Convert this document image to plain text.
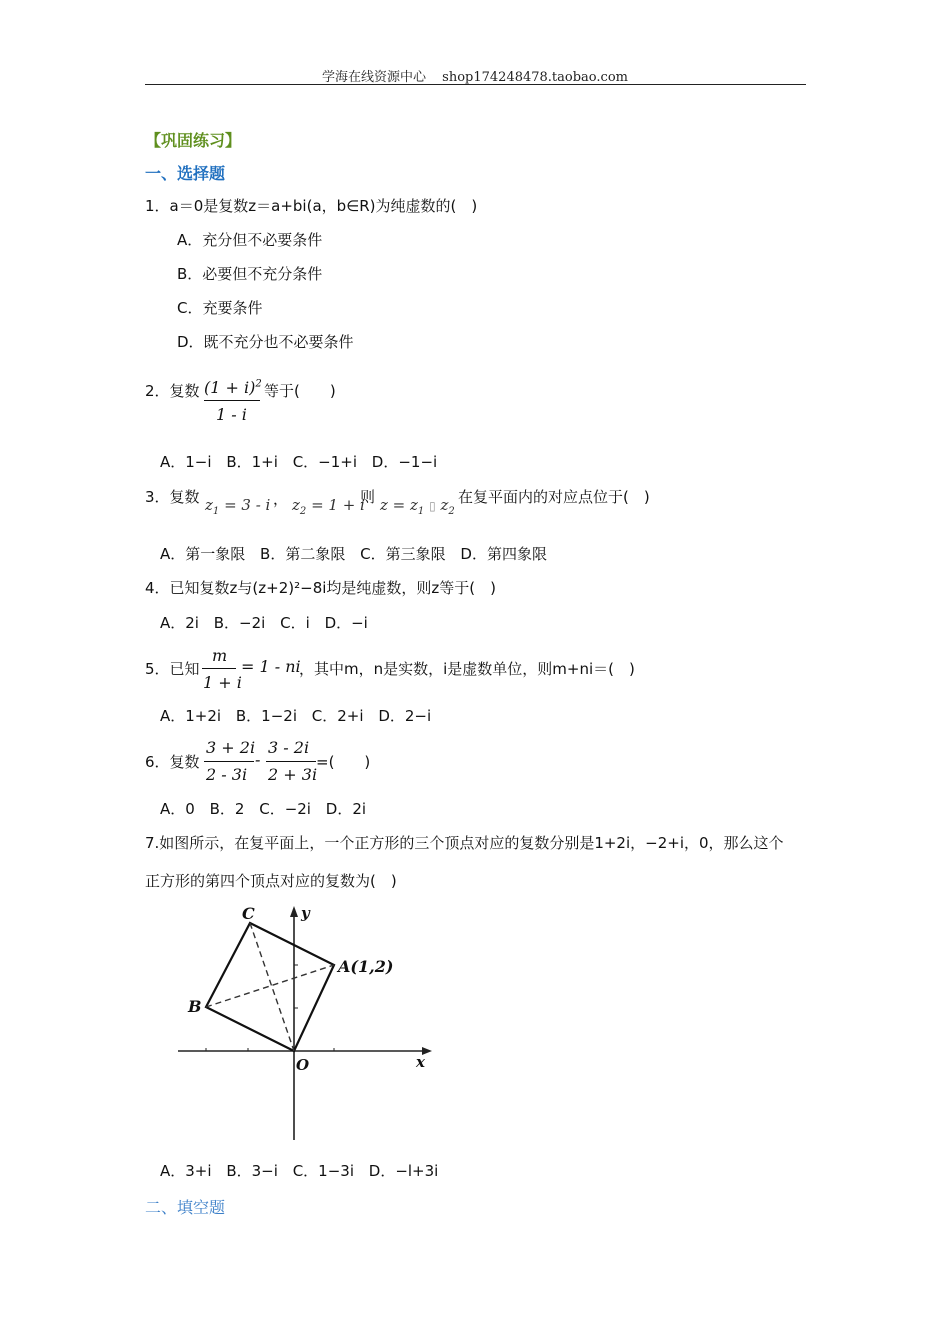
学海在线资源中心 shop174248478.taobao.com
【巩固练习】
一、选择题
1．a＝0是复数z＝a+bi(a，b∈R)为纯虚数的(　)
A．充分但不必要条件
B．必要但不充分条件
C．充要条件
D．既不充分也不必要条件
2．复数 $(1 + i)^2$
1 - i
等于(　　)
A．1−i B．1+i C．−1+i D．−1−i
3．复数 $z_1 = 3 - i$ ， $z_2 = 1 + i$
则 $z = z_1$ ▯ $z_2$
在复平面内的对应点位于(　)
A．第一象限 B．第二象限 C．第三象限 D．第四象限
4．已知复数z与(z+2)²−8i均是纯虚数，则z等于(　)
A．2i B．−2i C．i D．−i
5．已知
m
1 + i
= 1 - ni
，其中m，n是实数，i是虚数单位，则m+ni＝(　)
A．1+2i B．1−2i C．2+i D．2−i
6．复数
3 + 2i
2 - 3i
-
3 - 2i
2 + 3i
=(　　)
A．0 B．2 C．−2i D．2i
7.如图所示，在复平面上，一个正方形的三个顶点对应的复数分别是1+2i，−2+i，0，那么这个
正方形的第四个顶点对应的复数为(　)
C
A(1,2)
B
O	x
y
A．3+i B．3−i C．1−3i D．−l+3i
二、填空题
